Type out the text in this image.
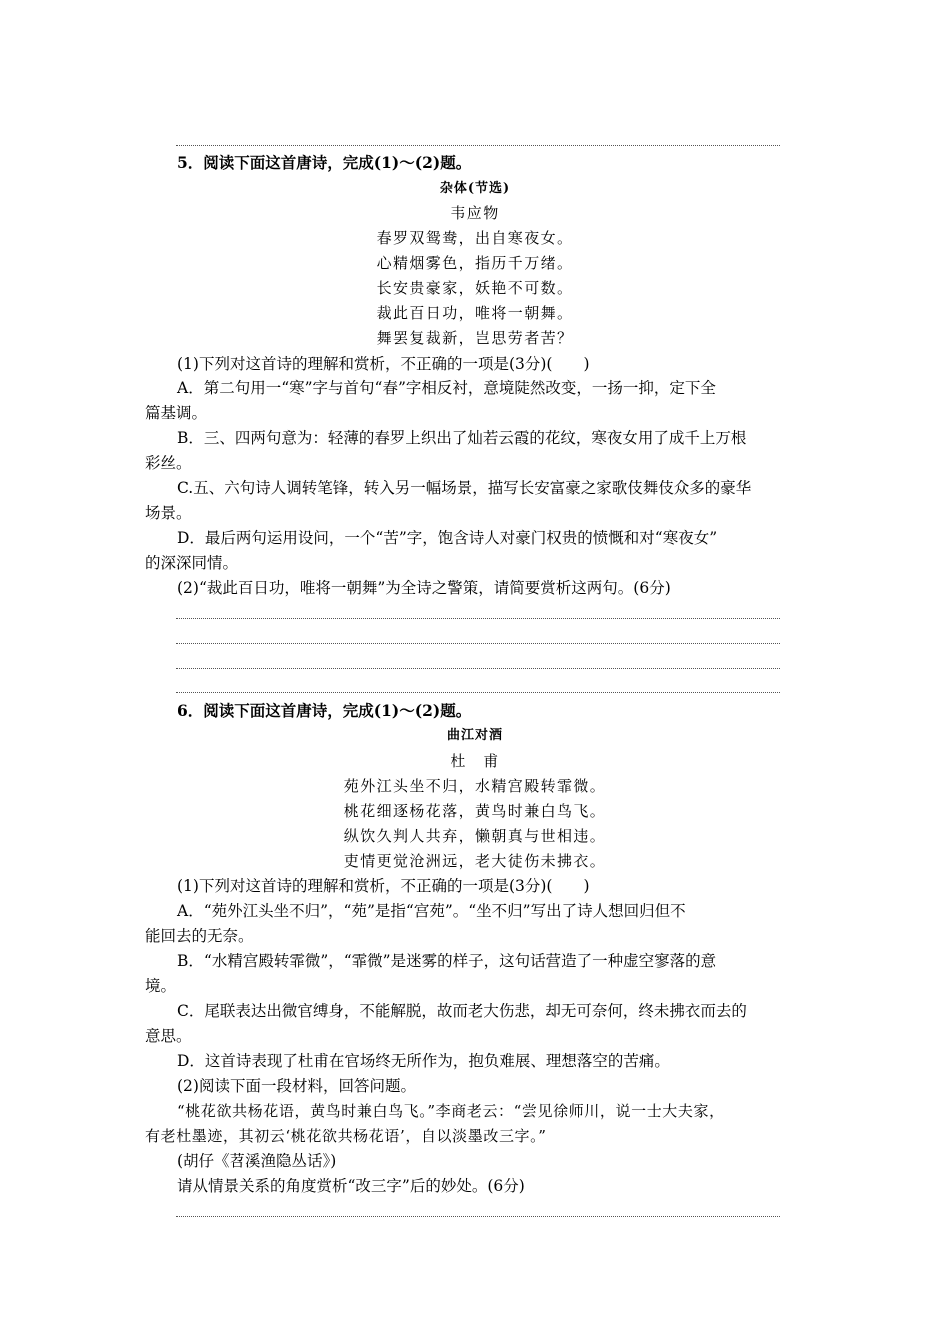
5．阅读下面这首唐诗，完成(1)～(2)题。
杂体(节选)
韦应物
春罗双鸳鸯，出自寒夜女。
心精烟雾色，指历千万绪。
长安贵豪家，妖艳不可数。
裁此百日功，唯将一朝舞。
舞罢复裁新，岂思劳者苦？
(1)下列对这首诗的理解和赏析，不正确的一项是(3分)(　　)
A．第二句用一“寒”字与首句“春”字相反衬，意境陡然改变，一扬一抑，定下全
篇基调。
B．三、四两句意为：轻薄的春罗上织出了灿若云霞的花纹，寒夜女用了成千上万根
彩丝。
C.五、六句诗人调转笔锋，转入另一幅场景，描写长安富豪之家歌伎舞伎众多的豪华
场景。
D．最后两句运用设问，一个“苦”字，饱含诗人对豪门权贵的愤慨和对“寒夜女”
的深深同情。
(2)“裁此百日功，唯将一朝舞”为全诗之警策，请简要赏析这两句。(6分)
6．阅读下面这首唐诗，完成(1)～(2)题。
曲江对酒
杜　甫
苑外江头坐不归，水精宫殿转霏微。
桃花细逐杨花落，黄鸟时兼白鸟飞。
纵饮久判人共弃，懒朝真与世相违。
吏情更觉沧洲远，老大徒伤未拂衣。
(1)下列对这首诗的理解和赏析，不正确的一项是(3分)(　　)
A．“苑外江头坐不归”，“苑”是指“宫苑”。“坐不归”写出了诗人想回归但不
能回去的无奈。
B．“水精宫殿转霏微”，“霏微”是迷雾的样子，这句话营造了一种虚空寥落的意
境。
C．尾联表达出微官缚身，不能解脱，故而老大伤悲，却无可奈何，终未拂衣而去的
意思。
D．这首诗表现了杜甫在官场终无所作为，抱负难展、理想落空的苦痛。
(2)阅读下面一段材料，回答问题。
“桃花欲共杨花语，黄鸟时兼白鸟飞。”李商老云：“尝见徐师川，说一士大夫家，
有老杜墨迹，其初云‘桃花欲共杨花语’，自以淡墨改三字。”
(胡仔《苕溪渔隐丛话》)
请从情景关系的角度赏析“改三字”后的妙处。(6分)
